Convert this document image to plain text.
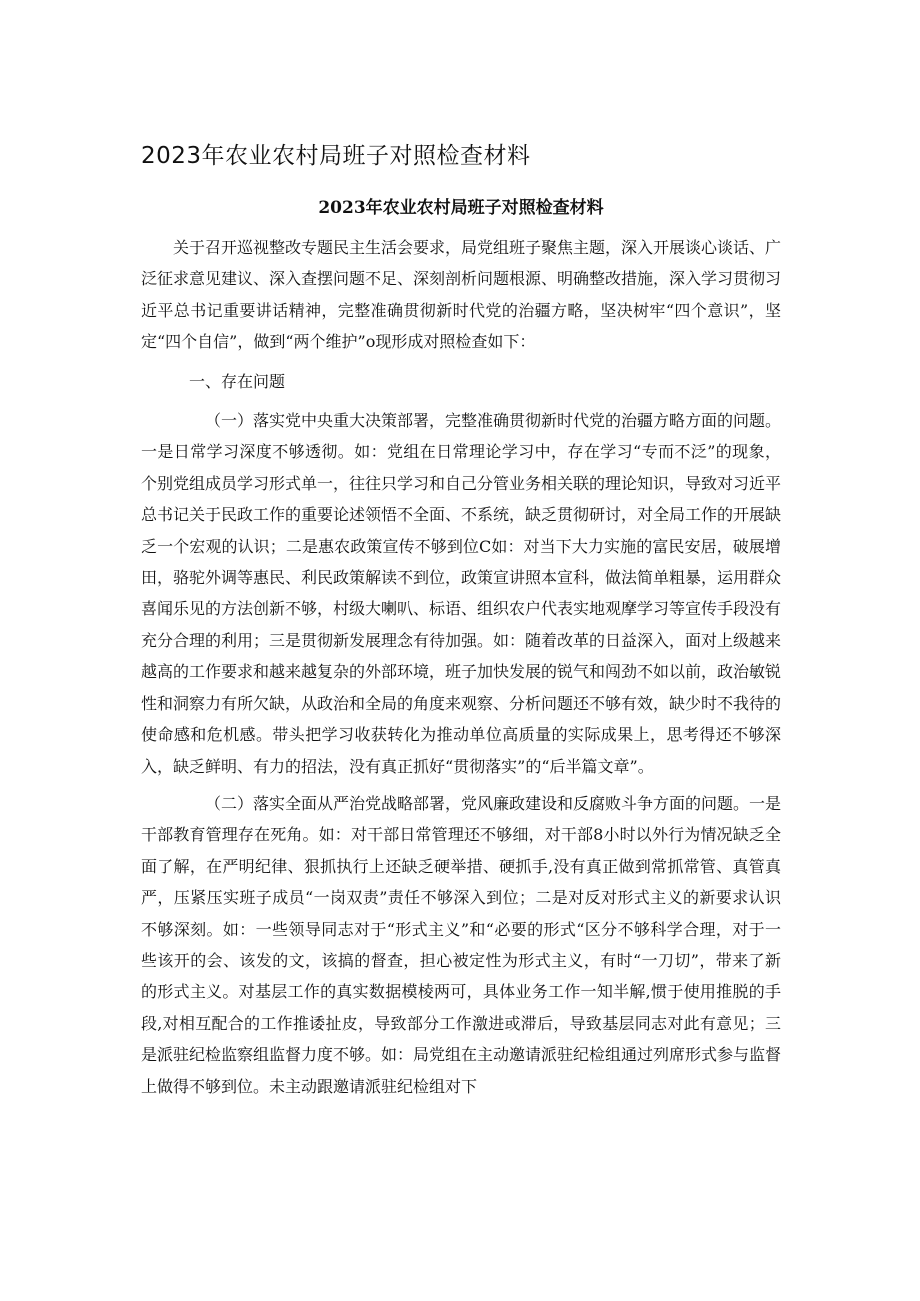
2023年农业农村局班子对照检查材料

2023年农业农村局班子对照检查材料

关于召开巡视整改专题民主生活会要求，局党组班子聚焦主题，深入开展谈心谈话、广泛征求意见建议、深入查摆问题不足、深刻剖析问题根源、明确整改措施，深入学习贯彻习近平总书记重要讲话精神，完整准确贯彻新时代党的治疆方略，坚决树牢“四个意识”，坚定“四个自信”，做到“两个维护”o现形成对照检查如下：

一、存在问题

（一）落实党中央重大决策部署，完整准确贯彻新时代党的治疆方略方面的问题。一是日常学习深度不够透彻。如：党组在日常理论学习中，存在学习“专而不泛”的现象，个别党组成员学习形式单一，往往只学习和自己分管业务相关联的理论知识，导致对习近平总书记关于民政工作的重要论述领悟不全面、不系统，缺乏贯彻研讨，对全局工作的开展缺乏一个宏观的认识；二是惠农政策宣传不够到位C如：对当下大力实施的富民安居，破展增田，骆驼外调等惠民、利民政策解读不到位，政策宣讲照本宣科，做法简单粗暴，运用群众喜闻乐见的方法创新不够，村级大喇叭、标语、组织农户代表实地观摩学习等宣传手段没有充分合理的利用；三是贯彻新发展理念有待加强。如：随着改革的日益深入，面对上级越来越高的工作要求和越来越复杂的外部环境，班子加快发展的锐气和闯劲不如以前，政治敏锐性和洞察力有所欠缺，从政治和全局的角度来观察、分析问题还不够有效，缺少时不我待的使命感和危机感。带头把学习收获转化为推动单位高质量的实际成果上，思考得还不够深入，缺乏鲜明、有力的招法，没有真正抓好“贯彻落实”的“后半篇文章”。

（二）落实全面从严治党战略部署，党风廉政建设和反腐败斗争方面的问题。一是干部教育管理存在死角。如：对干部日常管理还不够细，对干部8小时以外行为情况缺乏全面了解，在严明纪律、狠抓执行上还缺乏硬举措、硬抓手,没有真正做到常抓常管、真管真严，压紧压实班子成员“一岗双责”责任不够深入到位；二是对反对形式主义的新要求认识不够深刻。如：一些领导同志对于“形式主义”和“必要的形式“区分不够科学合理，对于一些该开的会、该发的文，该搞的督查，担心被定性为形式主义，有时“一刀切”，带来了新的形式主义。对基层工作的真实数据模棱两可，具体业务工作一知半解,惯于使用推脱的手段,对相互配合的工作推诿扯皮，导致部分工作激进或滞后，导致基层同志对此有意见；三是派驻纪检监察组监督力度不够。如：局党组在主动邀请派驻纪检组通过列席形式参与监督上做得不够到位。未主动跟邀请派驻纪检组对下
